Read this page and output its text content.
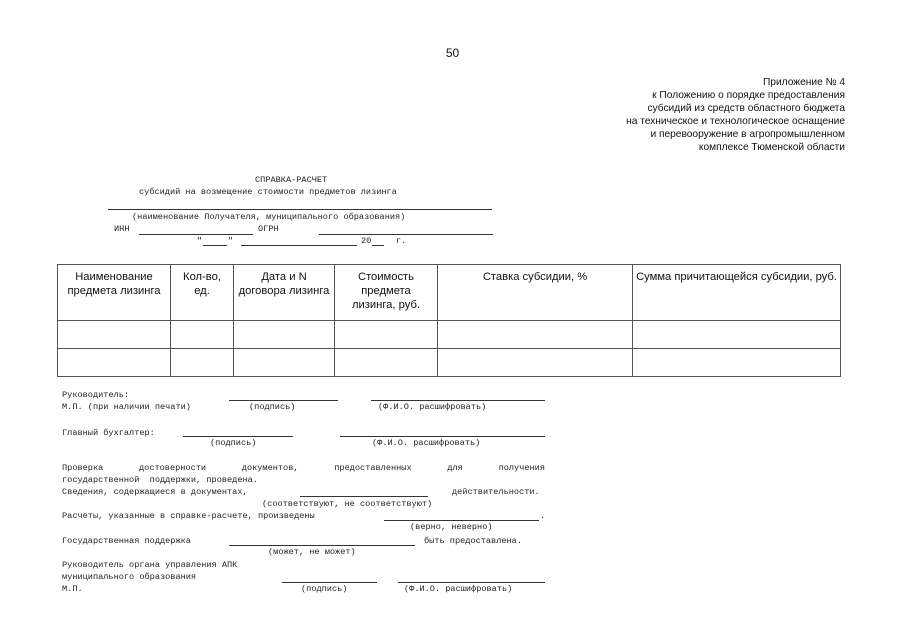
50
Приложение № 4
к Положению о порядке предоставления
субсидий из средств областного бюджета
на техническое и технологическое оснащение
и перевооружение в агропромышленном
комплексе Тюменской области
СПРАВКА-РАСЧЕТ
субсидий на возмещение стоимости предметов лизинга
(наименование Получателя, муниципального образования)
ИНН	ОГРН
"	"	20	г.
Наименование предмета лизинга	Кол-во, ед.	Дата и N договора лизинга	Стоимость предмета лизинга, руб.	Ставка субсидии, %	Сумма причитающейся субсидии, руб.

Руководитель:
М.П. (при наличии печати)	(подпись)	(Ф.И.О. расшифровать)
Главный бухгалтер:
(подпись)	(Ф.И.О. расшифровать)
Проверка	достоверности	документов,	предоставленных	для	получения
государственной  поддержки, проведена.
Сведения, содержащиеся в документах,	действительности.
(соответствуют, не соответствуют)
Расчеты, указанные в справке-расчете, произведены	.
(верно, неверно)
Государственная поддержка	быть предоставлена.
(может, не может)
Руководитель органа управления АПК
муниципального образования
М.П.	(подпись)	(Ф.И.О. расшифровать)
